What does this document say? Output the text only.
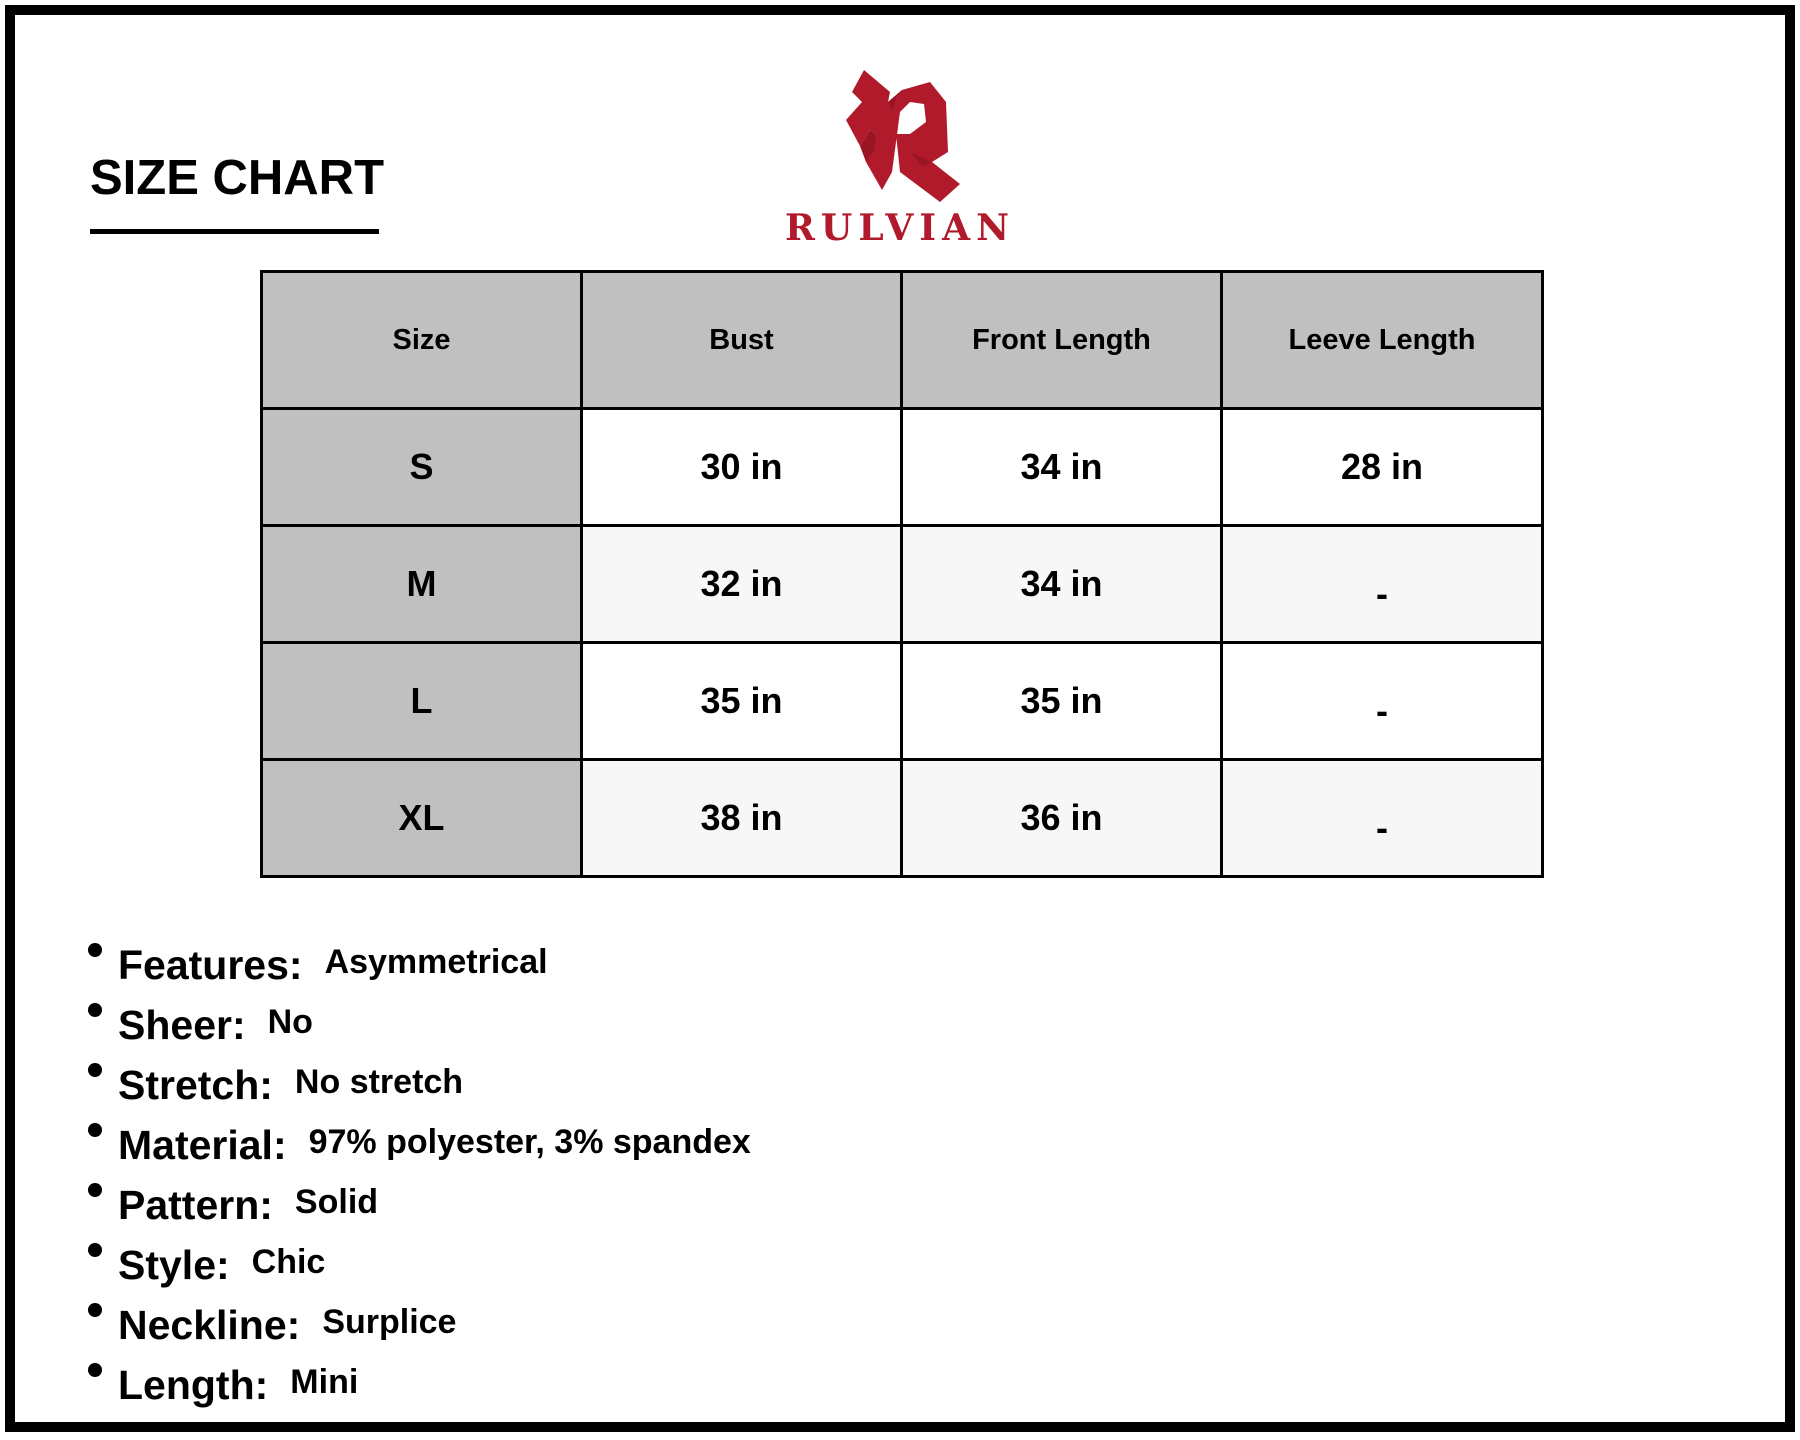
SIZE CHART
RULVIAN
Size	Bust	Front Length	Leeve Length
S	30 in	34 in	28 in
M	32 in	34 in	-
L	35 in	35 in	-
XL	38 in	36 in	-
Features: Asymmetrical
Sheer: No
Stretch: No stretch
Material: 97% polyester, 3% spandex
Pattern: Solid
Style: Chic
Neckline: Surplice
Length: Mini
